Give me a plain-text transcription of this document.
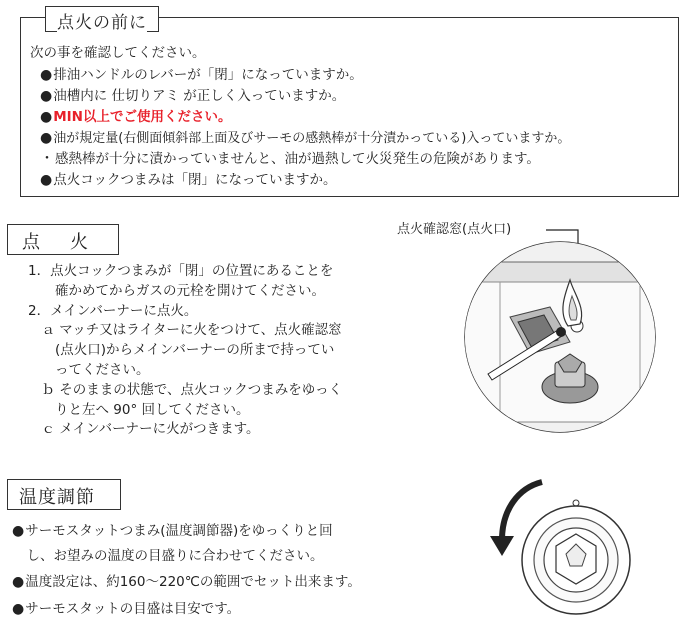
点火の前に
次の事を確認してください。
●排油ハンドルのレバーが「閉」になっていますか。
●油槽内に 仕切りアミ が正しく入っていますか。
●MIN以上でご使用ください。
●油が規定量(右側面傾斜部上面及びサーモの感熱棒が十分漬かっている)入っていますか。
・感熱棒が十分に漬かっていませんと、油が過熱して火災発生の危険があります。
●点火コックつまみは「閉」になっていますか。
点　火
1．点火コックつまみが「閉」の位置にあることを
　　確かめてからガスの元栓を開けてください。
2．メインバーナーに点火。
　ａ マッチ又はライターに火をつけて、点火確認窓
　　(点火口)からメインバーナーの所まで持ってい
　　ってください。
　ｂ そのままの状態で、点火コックつまみをゆっく
　　りと左へ 90° 回してください。
　ｃ メインバーナーに火がつきます。
点火確認窓(点火口)
温度調節
●サーモスタットつまみ(温度調節器)をゆっくりと回
　し、お望みの温度の目盛りに合わせてください。
●温度設定は、約160～220℃の範囲でセット出来ます。
●サーモスタットの目盛は目安です。
